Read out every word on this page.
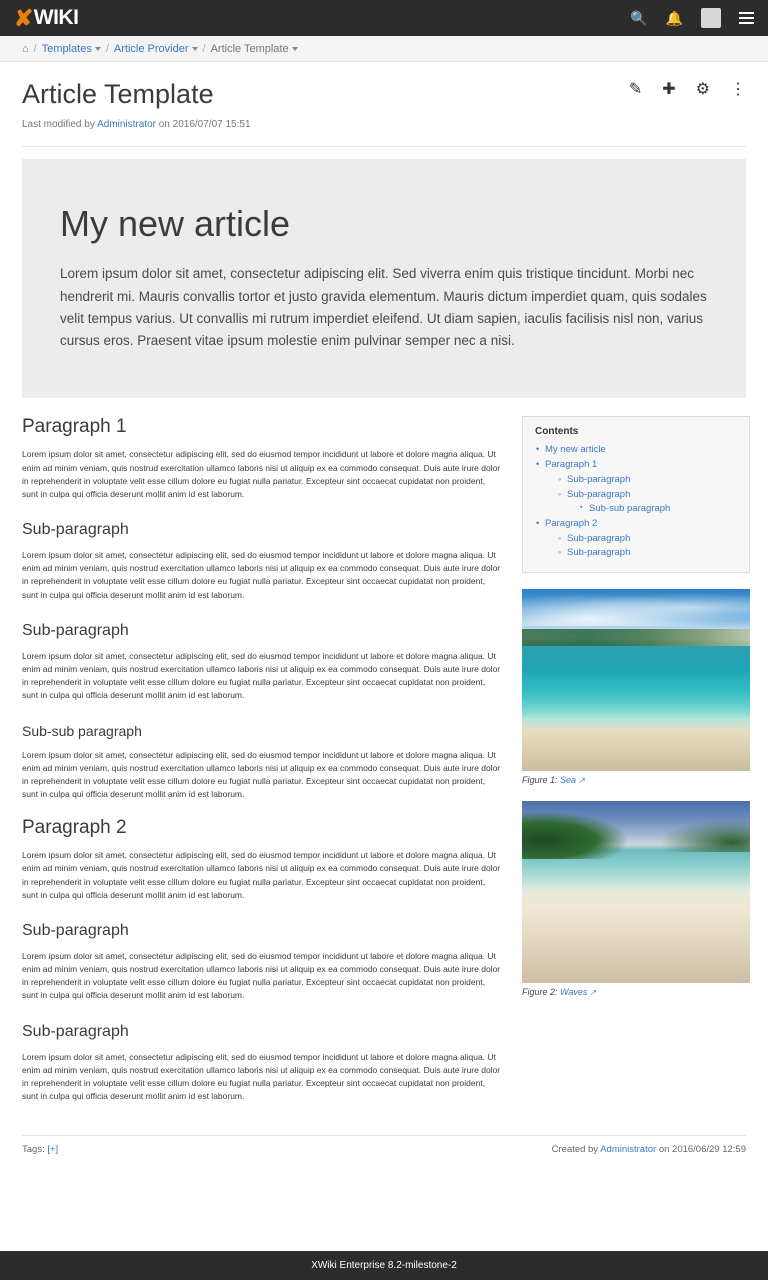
✘ WIKI	🔍 🔔
⌂ / Templates / Article Provider / Article Template
Article Template
Last modified by Administrator on 2016/07/07 15:51
✎ ✚ ⚙ ⋮
My new article

Lorem ipsum dolor sit amet, consectetur adipiscing elit. Sed viverra enim quis tristique tincidunt. Morbi nec hendrerit mi. Mauris convallis tortor et justo gravida elementum. Mauris dictum imperdiet quam, quis sodales velit tempus varius. Ut convallis mi rutrum imperdiet eleifend. Ut diam sapien, iaculis facilisis nisl non, varius cursus eros. Praesent vitae ipsum molestie enim pulvinar semper nec a nisi.

Paragraph 1

Lorem ipsum dolor sit amet, consectetur adipiscing elit, sed do eiusmod tempor incididunt ut labore et dolore magna aliqua. Ut enim ad minim veniam, quis nostrud exercitation ullamco laboris nisi ut aliquip ex ea commodo consequat. Duis aute irure dolor in reprehenderit in voluptate velit esse cillum dolore eu fugiat nulla pariatur. Excepteur sint occaecat cupidatat non proident, sunt in culpa qui officia deserunt mollit anim id est laborum.

Sub-paragraph

Lorem ipsum dolor sit amet, consectetur adipiscing elit, sed do eiusmod tempor incididunt ut labore et dolore magna aliqua. Ut enim ad minim veniam, quis nostrud exercitation ullamco laboris nisi ut aliquip ex ea commodo consequat. Duis aute irure dolor in reprehenderit in voluptate velit esse cillum dolore eu fugiat nulla pariatur. Excepteur sint occaecat cupidatat non proident, sunt in culpa qui officia deserunt mollit anim id est laborum.

Sub-paragraph

Lorem ipsum dolor sit amet, consectetur adipiscing elit, sed do eiusmod tempor incididunt ut labore et dolore magna aliqua. Ut enim ad minim veniam, quis nostrud exercitation ullamco laboris nisi ut aliquip ex ea commodo consequat. Duis aute irure dolor in reprehenderit in voluptate velit esse cillum dolore eu fugiat nulla pariatur. Excepteur sint occaecat cupidatat non proident, sunt in culpa qui officia deserunt mollit anim id est laborum.

Sub-sub paragraph

Lorem ipsum dolor sit amet, consectetur adipiscing elit, sed do eiusmod tempor incididunt ut labore et dolore magna aliqua. Ut enim ad minim veniam, quis nostrud exercitation ullamco laboris nisi ut aliquip ex ea commodo consequat. Duis aute irure dolor in reprehenderit in voluptate velit esse cillum dolore eu fugiat nulla pariatur. Excepteur sint occaecat cupidatat non proident, sunt in culpa qui officia deserunt mollit anim id est laborum.

Paragraph 2

Lorem ipsum dolor sit amet, consectetur adipiscing elit, sed do eiusmod tempor incididunt ut labore et dolore magna aliqua. Ut enim ad minim veniam, quis nostrud exercitation ullamco laboris nisi ut aliquip ex ea commodo consequat. Duis aute irure dolor in reprehenderit in voluptate velit esse cillum dolore eu fugiat nulla pariatur. Excepteur sint occaecat cupidatat non proident, sunt in culpa qui officia deserunt mollit anim id est laborum.

Sub-paragraph

Lorem ipsum dolor sit amet, consectetur adipiscing elit, sed do eiusmod tempor incididunt ut labore et dolore magna aliqua. Ut enim ad minim veniam, quis nostrud exercitation ullamco laboris nisi ut aliquip ex ea commodo consequat. Duis aute irure dolor in reprehenderit in voluptate velit esse cillum dolore eu fugiat nulla pariatur. Excepteur sint occaecat cupidatat non proident, sunt in culpa qui officia deserunt mollit anim id est laborum.

Sub-paragraph

Lorem ipsum dolor sit amet, consectetur adipiscing elit, sed do eiusmod tempor incididunt ut labore et dolore magna aliqua. Ut enim ad minim veniam, quis nostrud exercitation ullamco laboris nisi ut aliquip ex ea commodo consequat. Duis aute irure dolor in reprehenderit in voluptate velit esse cillum dolore eu fugiat nulla pariatur. Excepteur sint occaecat cupidatat non proident, sunt in culpa qui officia deserunt mollit anim id est laborum.

Contents
• My new article
• Paragraph 1
◦ Sub-paragraph
◦ Sub-paragraph
▪ Sub-sub paragraph
• Paragraph 2
◦ Sub-paragraph
◦ Sub-paragraph
Figure 1: Sea ↗
Figure 2: Waves ↗
Tags: [+]	Created by Administrator on 2016/06/29 12:59
XWiki Enterprise 8.2-milestone-2
